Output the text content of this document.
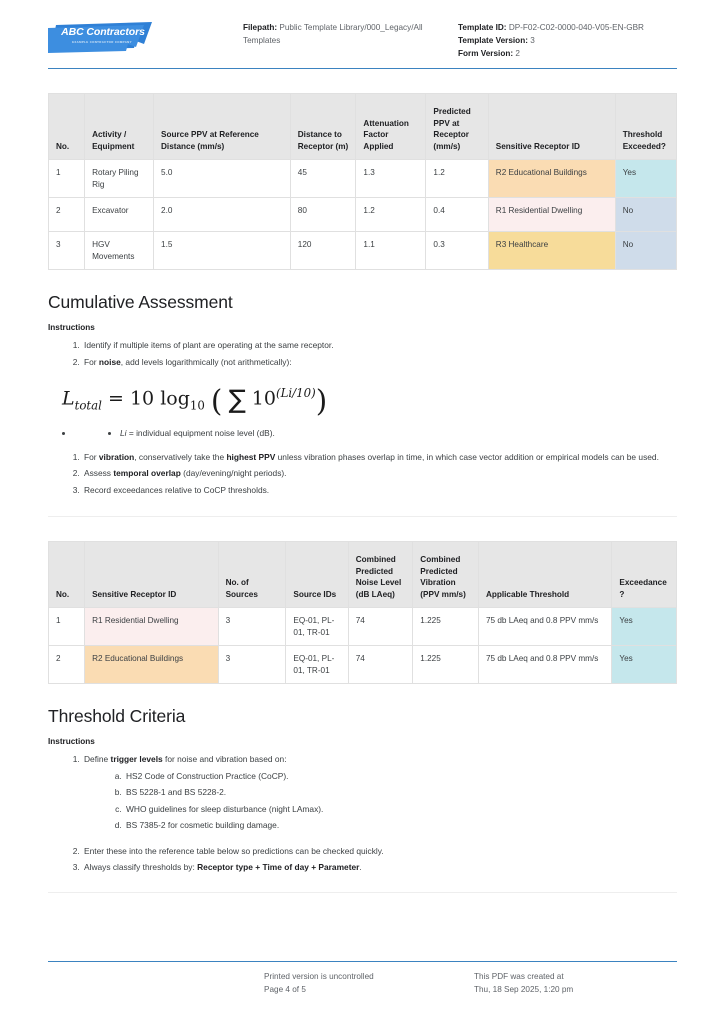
ABC Contractors
EXAMPLE CONTRACTOR COMPANY
Filepath: Public Template Library/000_Legacy/All Templates
Template ID: DP-F02-C02-0000-040-V05-EN-GBR
Template Version: 3
Form Version: 2
No.	Activity / Equipment	Source PPV at Reference Distance (mm/s)	Distance to Receptor (m)	Attenuation Factor Applied	Predicted PPV at Receptor (mm/s)	Sensitive Receptor ID	Threshold Exceeded?
1	Rotary Piling Rig	5.0	45	1.3	1.2	R2 Educational Buildings	Yes
2	Excavator	2.0	80	1.2	0.4	R1 Residential Dwelling	No
3	HGV Movements	1.5	120	1.1	0.3	R3 Healthcare	No
Cumulative Assessment
Instructions
1. Identify if multiple items of plant are operating at the same receptor.
2. For noise, add levels logarithmically (not arithmetically):
$L_{total} = 10$ $\log_{10}$ ( ∑ $10^{(Li/10)}$)
• • Li = individual equipment noise level (dB).
1. For vibration, conservatively take the highest PPV unless vibration phases overlap in time, in which case vector addition or empirical models can be used.
2. Assess temporal overlap (day/evening/night periods).
3. Record exceedances relative to CoCP thresholds.
No.	Sensitive Receptor ID	No. of Sources	Source IDs	Combined Predicted Noise Level (dB LAeq)	Combined Predicted Vibration (PPV mm/s)	Applicable Threshold	Exceedance?
1	R1 Residential Dwelling	3	EQ-01, PL-01, TR-01	74	1.225	75 db LAeq and 0.8 PPV mm/s	Yes
2	R2 Educational Buildings	3	EQ-01, PL-01, TR-01	74	1.225	75 db LAeq and 0.8 PPV mm/s	Yes
Threshold Criteria
Instructions
1. Define trigger levels for noise and vibration based on:
a. HS2 Code of Construction Practice (CoCP).
b. BS 5228-1 and BS 5228-2.
c. WHO guidelines for sleep disturbance (night LAmax).
d. BS 7385-2 for cosmetic building damage.
2. Enter these into the reference table below so predictions can be checked quickly.
3. Always classify thresholds by: Receptor type + Time of day + Parameter.
Printed version is uncontrolled
Page 4 of 5
This PDF was created at
Thu, 18 Sep 2025, 1:20 pm
